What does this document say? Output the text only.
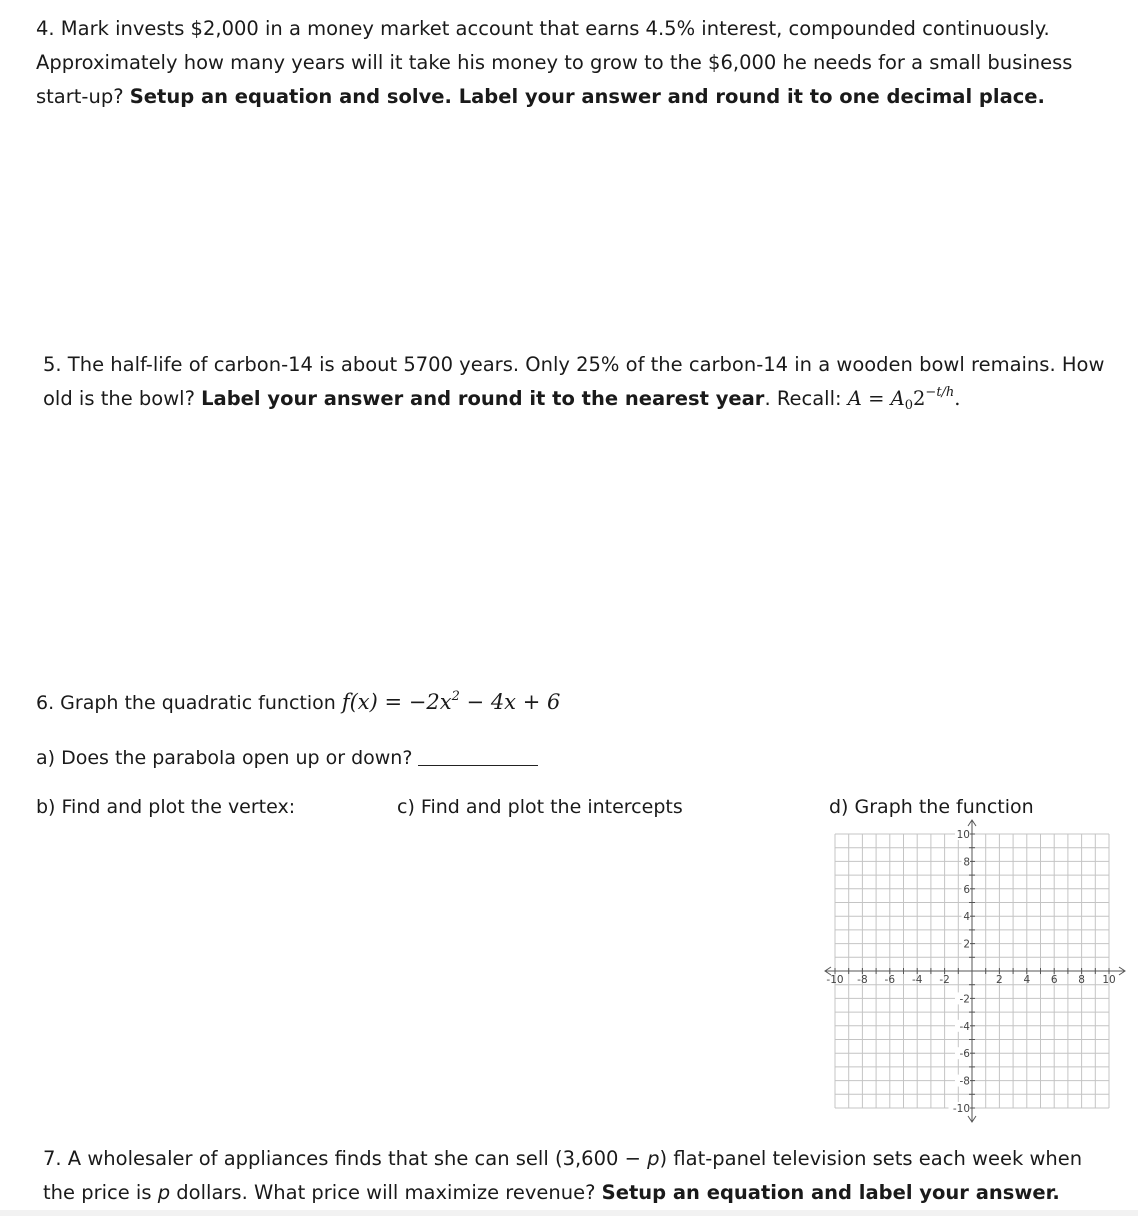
4. Mark invests $2,000 in a money market account that earns 4.5% interest, compounded continuously. Approximately how many years will it take his money to grow to the $6,000 he needs for a small business start-up? Setup an equation and solve. Label your answer and round it to one decimal place.
5. The half-life of carbon-14 is about 5700 years. Only 25% of the carbon-14 in a wooden bowl remains. How old is the bowl? Label your answer and round it to the nearest year. Recall: $A = A_02^{-t/h}$.
6. Graph the quadratic function $f(x) = -2x^2 - 4x + 6$
a) Does the parabola open up or down?
b) Find and plot the vertex:	c) Find and plot the intercepts	d) Graph the function
-10 -8 -6 -4 -2	2 4 6 8 10
10
8
6
4
2
-2
-4
-6
-8
-10
7. A wholesaler of appliances finds that she can sell (3,600 − p) flat-panel television sets each week when the price is p dollars. What price will maximize revenue? Setup an equation and label your answer.
